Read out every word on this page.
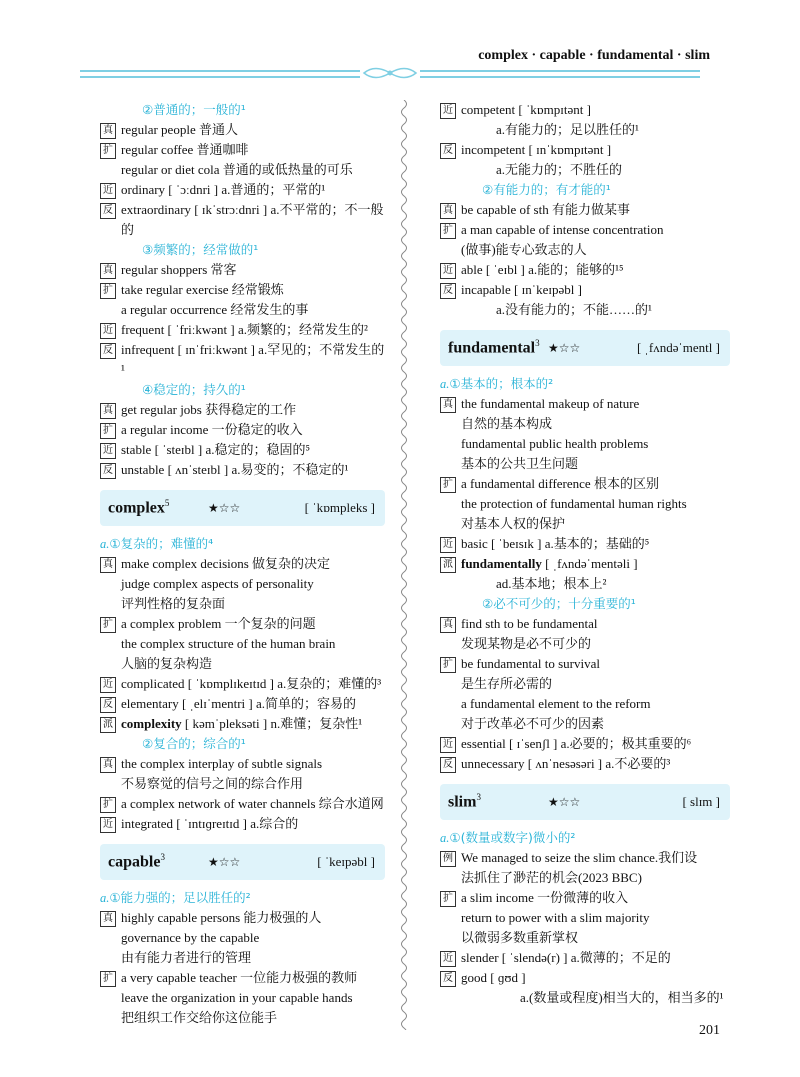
complex · capable · fundamental · slim
②普通的；一般的¹
真 regular people 普通人
扩 regular coffee 普通咖啡
regular or diet cola 普通的或低热量的可乐
近 ordinary [ ˈɔːdnri ] a.普通的；平常的¹
反 extraordinary [ ɪkˈstrɔːdnri ] a.不平常的；不一般的
③频繁的；经常做的¹
真 regular shoppers 常客
扩 take regular exercise 经常锻炼
a regular occurrence 经常发生的事
近 frequent [ ˈfriːkwənt ] a.频繁的；经常发生的²
反 infrequent [ ɪnˈfriːkwənt ] a.罕见的；不常发生的¹
④稳定的；持久的¹
真 get regular jobs 获得稳定的工作
扩 a regular income 一份稳定的收入
近 stable [ ˈsteɪbl ] a.稳定的；稳固的⁵
反 unstable [ ʌnˈsteɪbl ] a.易变的；不稳定的¹
complex$^5$	★☆☆	[ ˈkɒmpleks ]
a.①复杂的；难懂的⁴
真 make complex decisions 做复杂的决定
judge complex aspects of personality
评判性格的复杂面
扩 a complex problem 一个复杂的问题
the complex structure of the human brain
人脑的复杂构造
近 complicated [ ˈkɒmplɪkeɪtɪd ] a.复杂的；难懂的³
反 elementary [ ˌelɪˈmentri ] a.简单的；容易的
派 complexity [ kəmˈpleksəti ] n.难懂；复杂性¹
②复合的；综合的¹
真 the complex interplay of subtle signals
不易察觉的信号之间的综合作用
扩 a complex network of water channels 综合水道网
近 integrated [ ˈɪntɪɡreɪtɪd ] a.综合的
capable$^3$	★☆☆	[ ˈkeɪpəbl ]
a.①能力强的；足以胜任的²
真 highly capable persons 能力极强的人
governance by the capable
由有能力者进行的管理
扩 a very capable teacher 一位能力极强的教师
leave the organization in your capable hands
把组织工作交给你这位能手
近 competent [ ˈkɒmpɪtənt ]
a.有能力的；足以胜任的¹
反 incompetent [ ɪnˈkɒmpɪtənt ]
a.无能力的；不胜任的
②有能力的；有才能的¹
真 be capable of sth 有能力做某事
扩 a man capable of intense concentration
(做事)能专心致志的人
近 able [ ˈeɪbl ] a.能的；能够的¹⁵
反 incapable [ ɪnˈkeɪpəbl ]
a.没有能力的；不能……的¹
fundamental$^3$ ★☆☆	[ ˌfʌndəˈmentl ]
a.①基本的；根本的²
真 the fundamental makeup of nature
自然的基本构成
fundamental public health problems
基本的公共卫生问题
扩 a fundamental difference 根本的区别
the protection of fundamental human rights
对基本人权的保护
近 basic [ ˈbeɪsɪk ] a.基本的；基础的⁵
派 fundamentally [ ˌfʌndəˈmentəli ]
ad.基本地；根本上²
②必不可少的；十分重要的¹
真 find sth to be fundamental
发现某物是必不可少的
扩 be fundamental to survival
是生存所必需的
a fundamental element to the reform
对于改革必不可少的因素
近 essential [ ɪˈsenʃl ] a.必要的；极其重要的⁶
反 unnecessary [ ʌnˈnesəsəri ] a.不必要的³
slim$^3$	★☆☆	[ slɪm ]
a.①(数量或数字)微小的²
例 We managed to seize the slim chance.我们设
法抓住了渺茫的机会(2023 BBC)
扩 a slim income 一份微薄的收入
return to power with a slim majority
以微弱多数重新掌权
近 slender [ ˈslendə(r) ] a.微薄的；不足的
反 good [ ɡʊd ]
a.(数量或程度)相当大的，相当多的¹
201
